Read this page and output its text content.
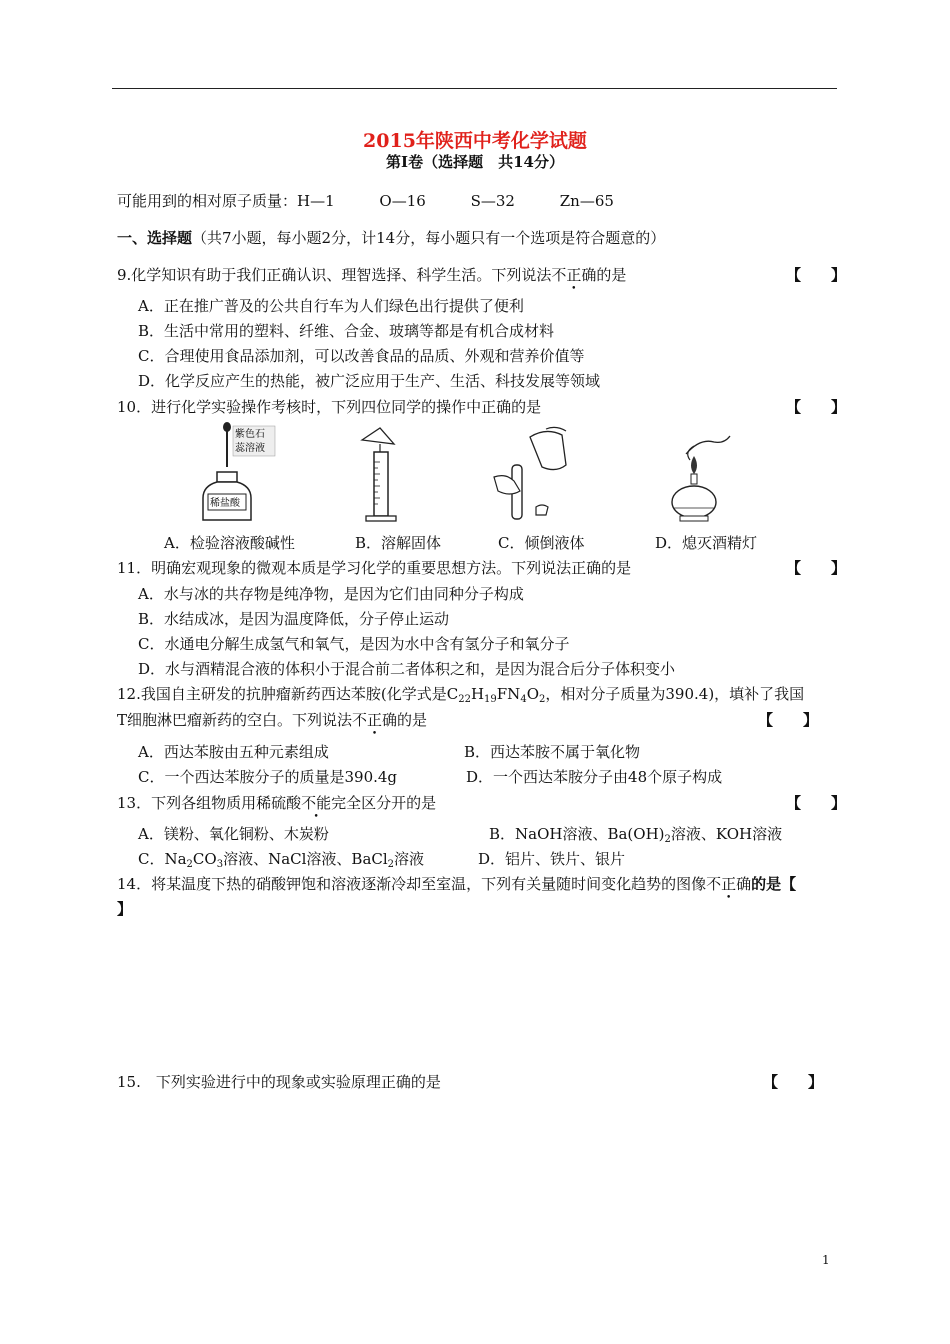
2015年陕西中考化学试题
第Ⅰ卷（选择题　共14分）
可能用到的相对原子质量：H—1	O—16	S—32	Zn—65
一、选择题（共7小题，每小题2分，计14分，每小题只有一个选项是符合题意的）
9.化学知识有助于我们正确认识、理智选择、科学生活。下列说法不正确的是	【　　】
A．正在推广普及的公共自行车为人们绿色出行提供了便利
B．生活中常用的塑料、纤维、合金、玻璃等都是有机合成材料
C．合理使用食品添加剂，可以改善食品的品质、外观和营养价值等
D．化学反应产生的热能，被广泛应用于生产、生活、科技发展等领域
10．进行化学实验操作考核时，下列四位同学的操作中正确的是	【　　】
紫色石
蕊溶液
稀盐酸
A．检验溶液酸碱性	B．溶解固体	C．倾倒液体	D．熄灭酒精灯
11．明确宏观现象的微观本质是学习化学的重要思想方法。下列说法正确的是	【　　】
A．水与冰的共存物是纯净物，是因为它们由同种分子构成
B．水结成冰，是因为温度降低，分子停止运动
C．水通电分解生成氢气和氧气，是因为水中含有氢分子和氧分子
D．水与酒精混合液的体积小于混合前二者体积之和，是因为混合后分子体积变小
12.我国自主研发的抗肿瘤新药西达苯胺(化学式是$C_{22}H_{19}FN_4O_2$，相对分子质量为390.4)，填补了我国
T细胞淋巴瘤新药的空白。下列说法不正确的是	【　　】
A．西达苯胺由五种元素组成	B．西达苯胺不属于氧化物
C．一个西达苯胺分子的质量是390.4g	D．一个西达苯胺分子由48个原子构成
13．下列各组物质用稀硫酸不能完全区分开的是	【　　】
A．镁粉、氧化铜粉、木炭粉	B．NaOH溶液、$Ba(OH)_2$溶液、KOH溶液
C．$Na_2CO_3$溶液、NaCl溶液、BaCl$_2$溶液	D．铝片、铁片、银片
14．将某温度下热的硝酸钾饱和溶液逐渐冷却至室温，下列有关量随时间变化趋势的图像不正确的是【
】
15.　下列实验进行中的现象或实验原理正确的是	【　　】
1
